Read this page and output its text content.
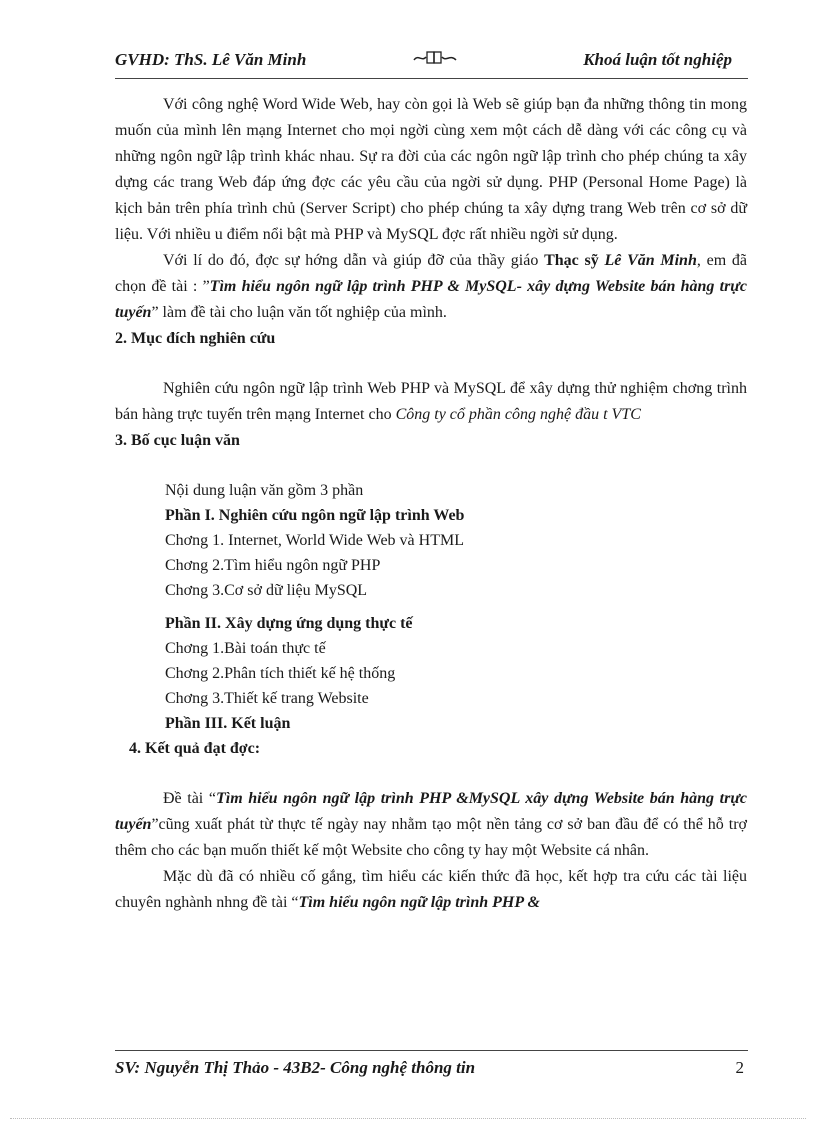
GVHD: ThS. Lê Văn Minh	Khoá luận tốt nghiệp

Với công nghệ Word Wide Web, hay còn gọi là Web sẽ giúp bạn đa những thông tin mong muốn của mình lên mạng Internet cho mọi ngời cùng xem một cách dễ dàng với các công cụ và những ngôn ngữ lập trình khác nhau. Sự ra đời của các ngôn ngữ lập trình cho phép chúng ta xây dựng các trang Web đáp ứng đợc các yêu cầu của ngời sử dụng. PHP (Personal Home Page) là kịch bản trên phía trình chủ (Server Script) cho phép chúng ta xây dựng trang Web trên cơ sở dữ liệu. Với nhiều u điểm nổi bật mà PHP và MySQL đợc rất nhiều ngời sử dụng.

Với lí do đó, đợc sự hớng dẫn và giúp đỡ của thầy giáo Thạc sỹ Lê Văn Minh, em đã chọn đề tài : ”Tìm hiểu ngôn ngữ lập trình PHP & MySQL- xây dựng Website bán hàng trực tuyến” làm đề tài cho luận văn tốt nghiệp của mình.

2. Mục đích nghiên cứu

Nghiên cứu ngôn ngữ lập trình Web PHP và MySQL để xây dựng thử nghiệm chơng trình bán hàng trực tuyến trên mạng Internet cho Công ty cổ phần công nghệ đầu t VTC

3. Bố cục luận văn

Nội dung luận văn gồm 3 phần
Phần I. Nghiên cứu ngôn ngữ lập trình Web
Chơng 1. Internet, World Wide Web và HTML
Chơng 2.Tìm hiểu ngôn ngữ PHP
Chơng 3.Cơ sở dữ liệu MySQL
Phần II. Xây dựng ứng dụng thực tế
Chơng 1.Bài toán thực tế
Chơng 2.Phân tích thiết kế hệ thống
Chơng 3.Thiết kế trang Website
Phần III. Kết luận

4. Kết quả đạt đợc:

Đề tài “Tìm hiểu ngôn ngữ lập trình PHP &MySQL xây dựng Website bán hàng trực tuyến”cũng xuất phát từ thực tế ngày nay nhằm tạo một nền tảng cơ sở ban đầu để có thể hỗ trợ thêm cho các bạn muốn thiết kế một Website cho công ty hay một Website cá nhân.

Mặc dù đã có nhiều cố gắng, tìm hiểu các kiến thức đã học, kết hợp tra cứu các tài liệu chuyên nghành nhng đề tài “Tìm hiểu ngôn ngữ lập trình PHP &

SV: Nguyễn Thị Thảo - 43B2- Công nghệ thông tin	2
